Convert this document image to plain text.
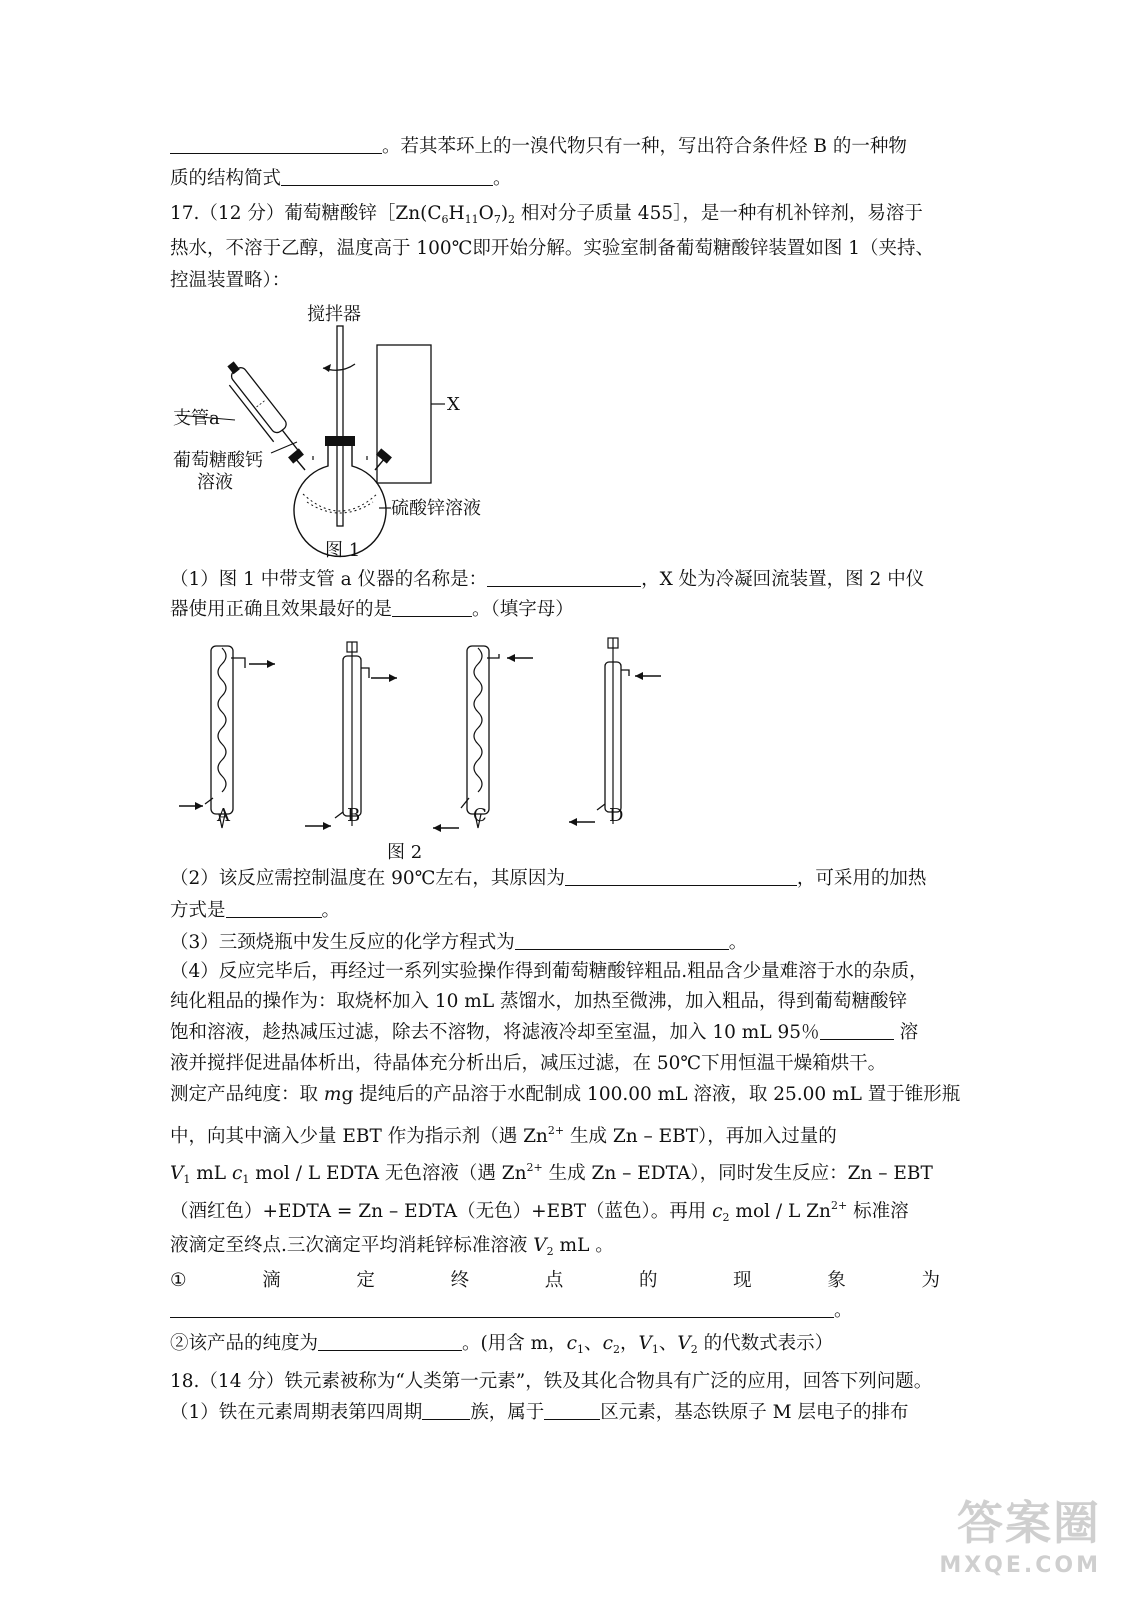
。若其苯环上的一溴代物只有一种，写出符合条件烃 B 的一种物
质的结构简式	。
17.（12 分）葡萄糖酸锌$[Zn(C_6H_{11}O_7)_2$ 相对分子质量 455］，是一种有机补锌剂，易溶于
热水，不溶于乙醇，温度高于 100℃即开始分解。实验室制备葡萄糖酸锌装置如图 1（夹持、
控温装置略）：
搅拌器
X
硫酸锌溶液
支管a
葡萄糖酸钙
溶液
图 1
（1）图 1 中带支管 a 仪器的名称是：	，X 处为冷凝回流装置，图 2 中仪
器使用正确且效果最好的是	。（填字母）
A	B	C	D
图 2
（2）该反应需控制温度在 90℃左右，其原因为	，可采用的加热
方式是	。
（3）三颈烧瓶中发生反应的化学方程式为	。
（4）反应完毕后，再经过一系列实验操作得到葡萄糖酸锌粗品.粗品含少量难溶于水的杂质，
纯化粗品的操作为：取烧杯加入 10 mL 蒸馏水，加热至微沸，加入粗品，得到葡萄糖酸锌
饱和溶液，趁热减压过滤，除去不溶物，将滤液冷却至室温，加入 10 mL 95％	溶
液并搅拌促进晶体析出，待晶体充分析出后，减压过滤，在 50℃下用恒温干燥箱烘干。
测定产品纯度：取 mg 提纯后的产品溶于水配制成 100.00 mL 溶液，取 25.00 mL 置于锥形瓶
中，向其中滴入少量 EBT 作为指示剂（遇 $Zn^{2+}$ 生成 Zn – EBT），再加入过量的
$V_1$ mL $c_1$ mol / L EDTA 无色溶液（遇 $Zn^{2+}$ 生成 Zn – EDTA），同时发生反应：Zn – EBT
（酒红色）+EDTA = Zn – EDTA（无色）+EBT（蓝色）。再用 $c_2$ mol / L $Zn^{2+}$ 标准溶
液滴定至终点.三次滴定平均消耗锌标准溶液 $V_2$ mL 。
①	滴	定	终	点	的	现	象	为
。
②该产品的纯度为	。(用含 m，$c_1$、$c_2$，$V_1$、$V_2$ 的代数式表示）
18.（14 分）铁元素被称为“人类第一元素”，铁及其化合物具有广泛的应用，回答下列问题。
（1）铁在元素周期表第四周期	族，属于	区元素，基态铁原子 M 层电子的排布
答案圈
MXQE.COM
